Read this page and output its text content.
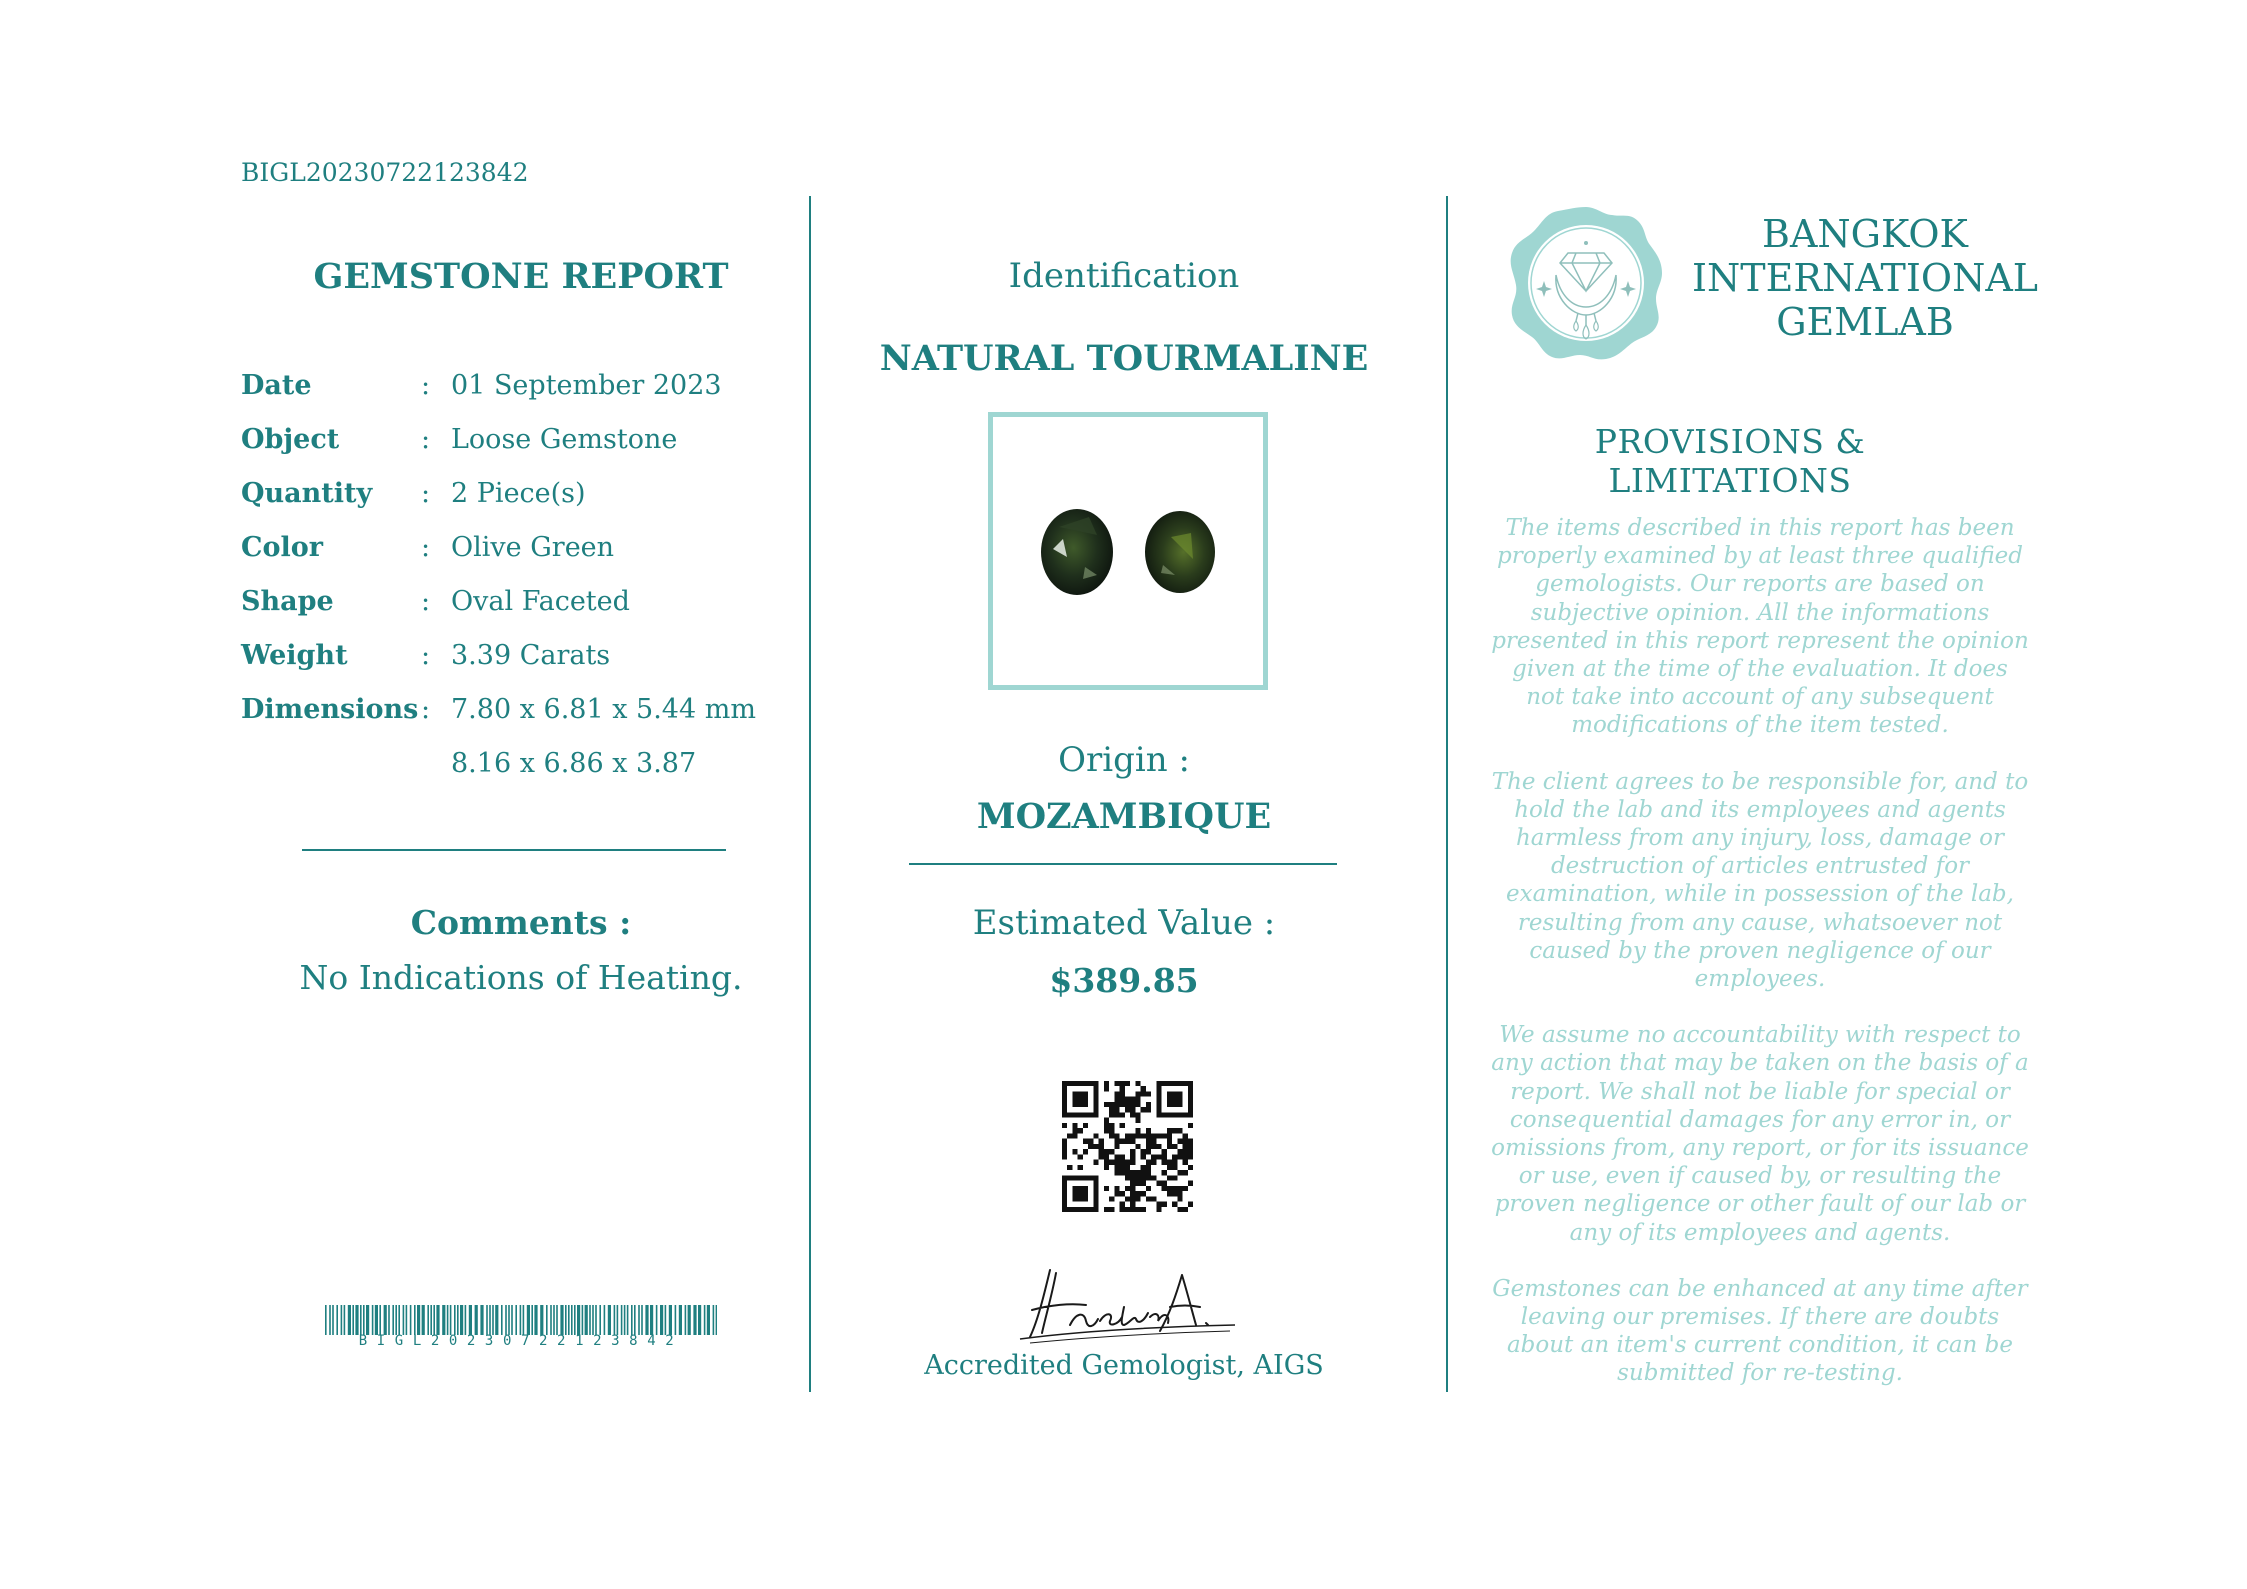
BIGL20230722123842
GEMSTONE REPORT
Date	: 01 September 2023
Object	: Loose Gemstone
Quantity	: 2 Piece(s)
Color	: Olive Green
Shape	: Oval Faceted
Weight	: 3.39 Carats
Dimensions : 7.80 x 6.81 x 5.44 mm
8.16 x 6.86 x 3.87
Comments :
No Indications of Heating.
BIGL20230722123842
Identification
NATURAL TOURMALINE
Origin :
MOZAMBIQUE
Estimated Value :
$389.85
Accredited Gemologist, AIGS
BANGKOK
INTERNATIONAL
GEMLAB
PROVISIONS & LIMITATIONS

The items described in this report has been properly examined by at least three qualified gemologists. Our reports are based on subjective opinion. All the informations presented in this report represent the opinion given at the time of the evaluation. It does not take into account of any subsequent modifications of the item tested.

The client agrees to be responsible for, and to hold the lab and its employees and agents harmless from any injury, loss, damage or destruction of articles entrusted for examination, while in possession of the lab, resulting from any cause, whatsoever not caused by the proven negligence of our employees.

We assume no accountability with respect to any action that may be taken on the basis of a report. We shall not be liable for special or consequential damages for any error in, or omissions from, any report, or for its issuance or use, even if caused by, or resulting the proven negligence or other fault of our lab or any of its employees and agents.

Gemstones can be enhanced at any time after leaving our premises. If there are doubts about an item's current condition, it can be submitted for re-testing.
